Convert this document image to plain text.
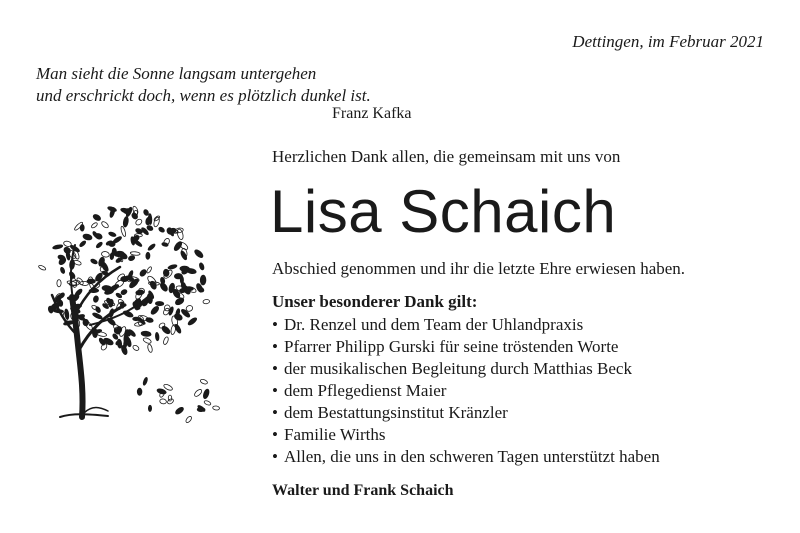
Dettingen, im Februar 2021
Man sieht die Sonne langsam untergehen
und erschrickt doch, wenn es plötzlich dunkel ist.
Franz Kafka
Herzlichen Dank allen, die gemeinsam mit uns von
Lisa Schaich
Abschied genommen und ihr die letzte Ehre erwiesen haben.
Unser besonderer Dank gilt:
• Dr. Renzel und dem Team der Uhlandpraxis
• Pfarrer Philipp Gurski für seine tröstenden Worte
• der musikalischen Begleitung durch Matthias Beck
• dem Pflegedienst Maier
• dem Bestattungsinstitut Kränzler
• Familie Wirths
• Allen, die uns in den schweren Tagen unterstützt haben
Walter und Frank Schaich
